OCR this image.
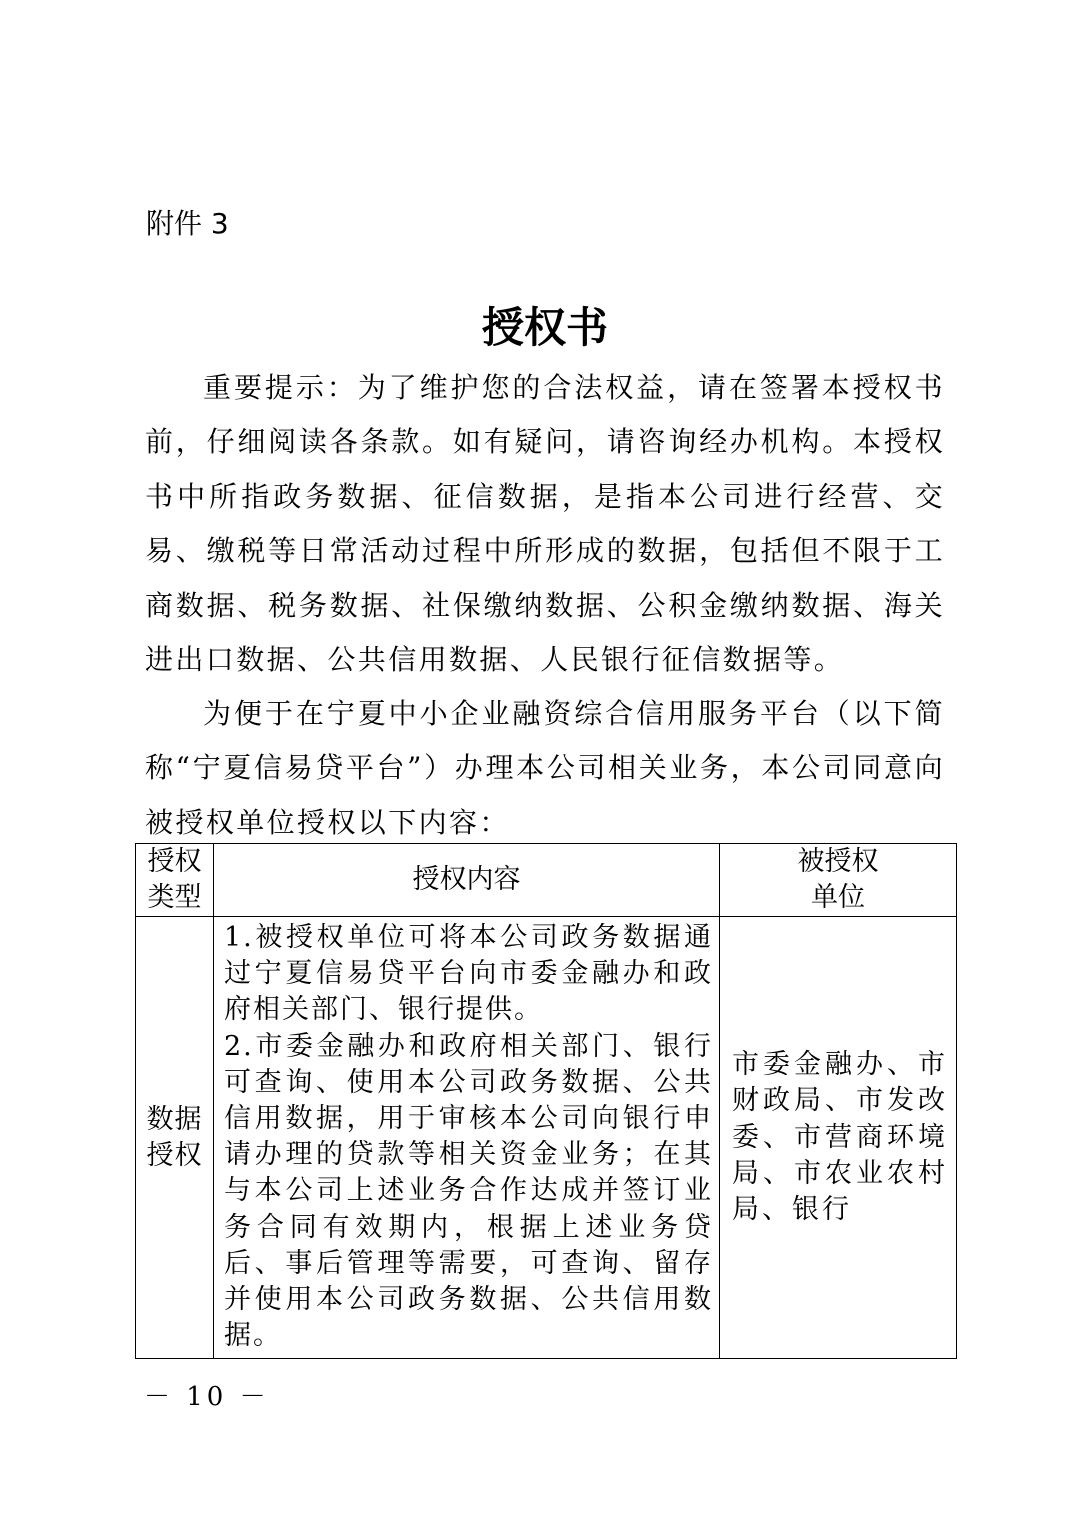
附件 3
授权书
重要提示：为了维护您的合法权益，请在签署本授权书前，仔细阅读各条款。如有疑问，请咨询经办机构。本授权书中所指政务数据、征信数据，是指本公司进行经营、交易、缴税等日常活动过程中所形成的数据，包括但不限于工商数据、税务数据、社保缴纳数据、公积金缴纳数据、海关进出口数据、公共信用数据、人民银行征信数据等。
为便于在宁夏中小企业融资综合信用服务平台（以下简称“宁夏信易贷平台”）办理本公司相关业务，本公司同意向被授权单位授权以下内容：
授权类型	授权内容	被授权单位

数据授权	1.被授权单位可将本公司政务数据通过宁夏信易贷平台向市委金融办和政府相关部门、银行提供。
2.市委金融办和政府相关部门、银行可查询、使用本公司政务数据、公共信用数据，用于审核本公司向银行申请办理的贷款等相关资金业务；在其与本公司上述业务合作达成并签订业务合同有效期内，根据上述业务贷后、事后管理等需要，可查询、留存并使用本公司政务数据、公共信用数据。	市委金融办、市财政局、市发改委、市营商环境局、市农业农村局、银行
－ 10 －
